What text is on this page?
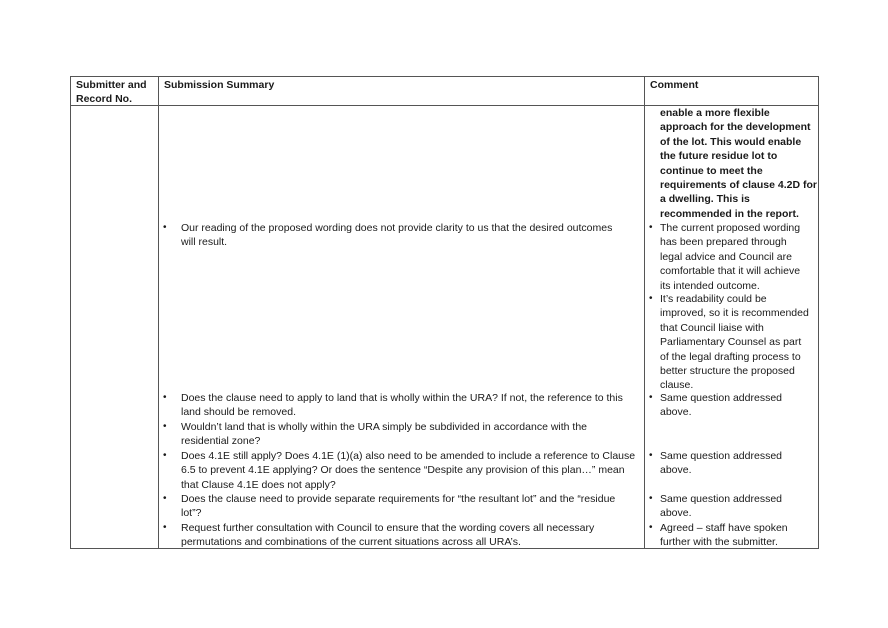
Submitter and
Record No.
Submission Summary	Comment
enable a more flexible
approach for the development
of the lot. This would enable
the future residue lot to
continue to meet the
requirements of clause 4.2D for
a dwelling. This is
recommended in the report.
• Our reading of the proposed wording does not provide clarity to us that the desired outcomes
will result.
• Does the clause need to apply to land that is wholly within the URA? If not, the reference to this
land should be removed.
• Wouldn’t land that is wholly within the URA simply be subdivided in accordance with the
residential zone?
• Does 4.1E still apply? Does 4.1E (1)(a) also need to be amended to include a reference to Clause
6.5 to prevent 4.1E applying? Or does the sentence “Despite any provision of this plan…” mean
that Clause 4.1E does not apply?
• Does the clause need to provide separate requirements for “the resultant lot” and the “residue
lot”?
• Request further consultation with Council to ensure that the wording covers all necessary
permutations and combinations of the current situations across all URA’s.
• The current proposed wording
has been prepared through
legal advice and Council are
comfortable that it will achieve
its intended outcome.
• It’s readability could be
improved, so it is recommended
that Council liaise with
Parliamentary Counsel as part
of the legal drafting process to
better structure the proposed
clause.
• Same question addressed
above.
• Same question addressed
above.
• Same question addressed
above.
• Agreed – staff have spoken
further with the submitter.
